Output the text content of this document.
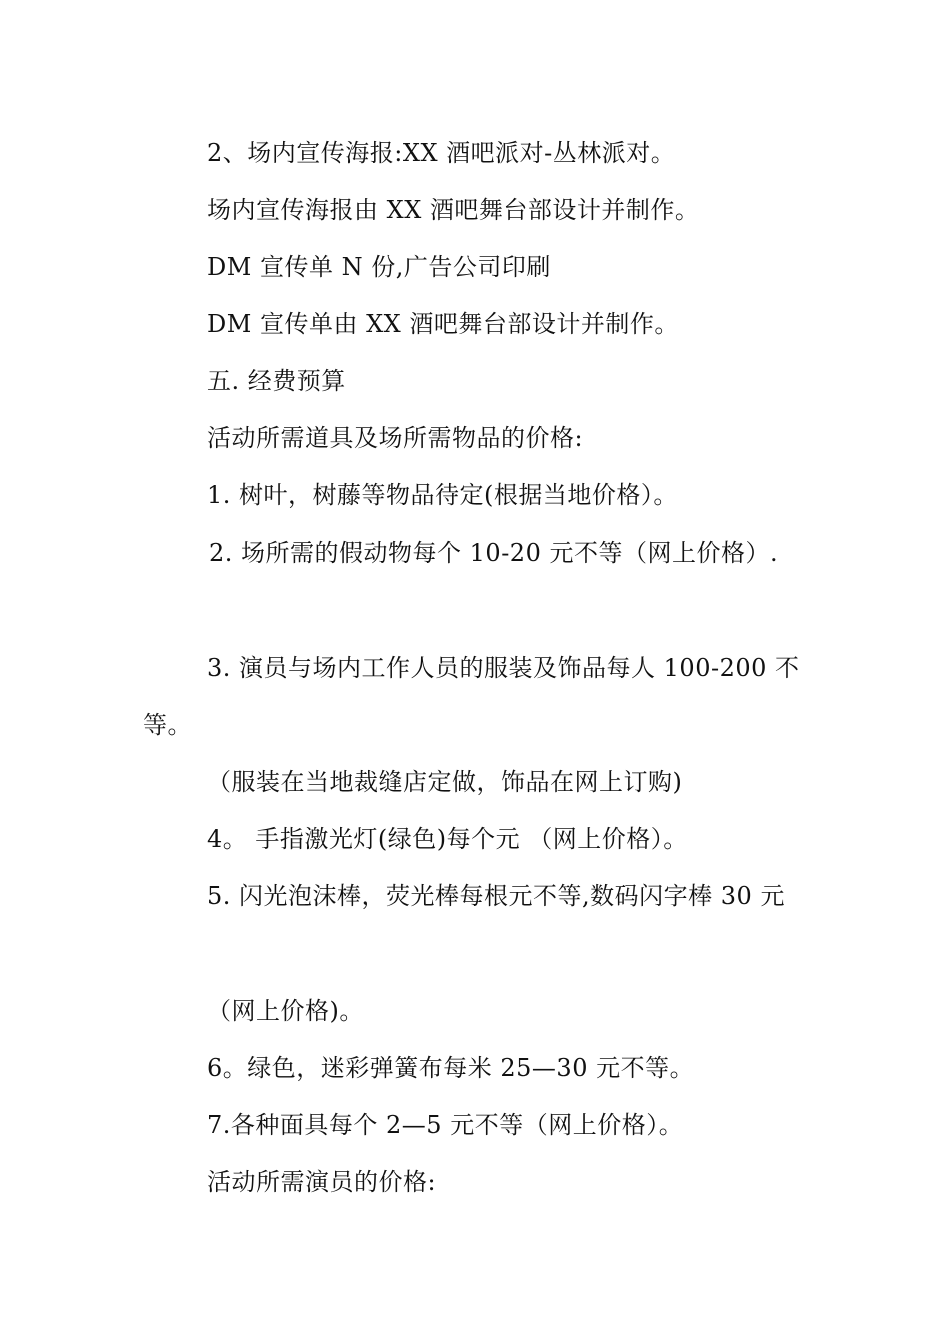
2、场内宣传海报:XX 酒吧派对-丛林派对。
场内宣传海报由 XX 酒吧舞台部设计并制作。
DM 宣传单 N 份,广告公司印刷
DM 宣传单由 XX 酒吧舞台部设计并制作。
五. 经费预算
活动所需道具及场所需物品的价格:
1. 树叶，树藤等物品待定(根据当地价格）。
2. 场所需的假动物每个 10-20 元不等（网上价格）.
3. 演员与场内工作人员的服装及饰品每人 100-200 不
等。
（服装在当地裁缝店定做，饰品在网上订购)
4。 手指激光灯(绿色)每个元 （网上价格）。
5. 闪光泡沫棒，荧光棒每根元不等,数码闪字棒 30 元
（网上价格)。
6。绿色，迷彩弹簧布每米 25—30 元不等。
7.各种面具每个 2—5 元不等（网上价格）。
活动所需演员的价格:
